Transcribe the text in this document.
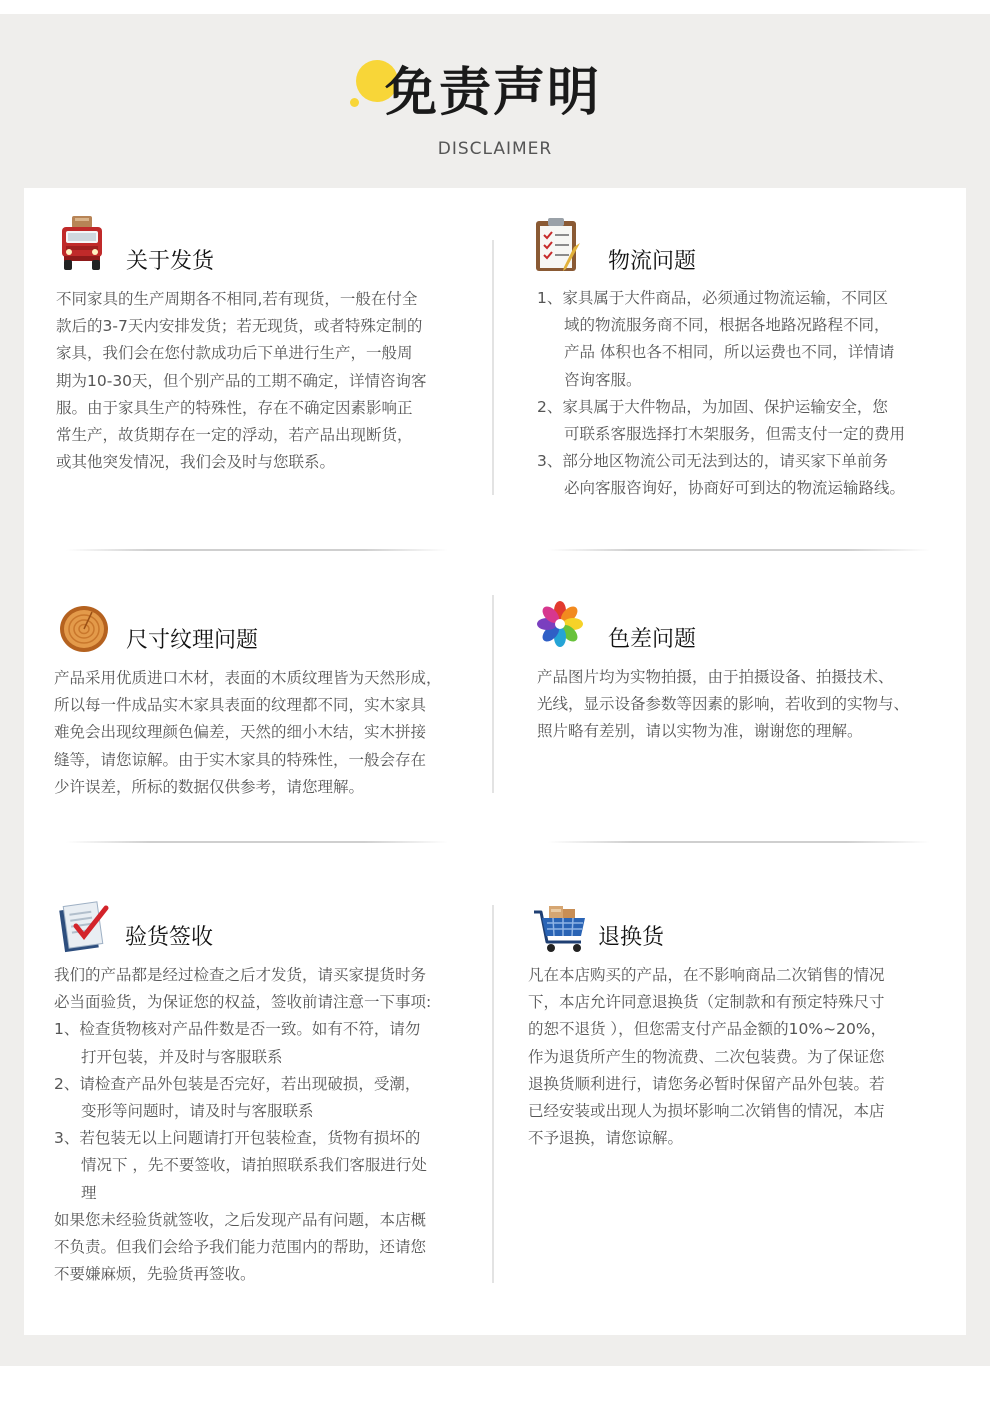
免责声明
DISCLAIMER
关于发货

不同家具的生产周期各不相同,若有现货，一般在付全

款后的3-7天内安排发货；若无现货，或者特殊定制的

家具，我们会在您付款成功后下单进行生产，一般周

期为10-30天，但个别产品的工期不确定，详情咨询客

服。由于家具生产的特殊性，存在不确定因素影响正

常生产，故货期存在一定的浮动，若产品出现断货，

或其他突发情况，我们会及时与您联系。

物流问题

1、家具属于大件商品，必须通过物流运输，不同区

域的物流服务商不同，根据各地路况路程不同，

产品 体积也各不相同，所以运费也不同，详情请

咨询客服。

2、家具属于大件物品，为加固、保护运输安全，您

可联系客服选择打木架服务，但需支付一定的费用

3、部分地区物流公司无法到达的，请买家下单前务

必向客服咨询好，协商好可到达的物流运输路线。

尺寸纹理问题

产品采用优质进口木材，表面的木质纹理皆为天然形成，

所以每一件成品实木家具表面的纹理都不同，实木家具

难免会出现纹理颜色偏差，天然的细小木结，实木拼接

缝等，请您谅解。由于实木家具的特殊性，一般会存在

少许误差，所标的数据仅供参考，请您理解。

色差问题

产品图片均为实物拍摄，由于拍摄设备、拍摄技术、

光线，显示设备参数等因素的影响，若收到的实物与、

照片略有差别，请以实物为准，谢谢您的理解。

验货签收

我们的产品都是经过检查之后才发货，请买家提货时务

必当面验货，为保证您的权益，签收前请注意一下事项:

1、检查货物核对产品件数是否一致。如有不符，请勿

打开包装，并及时与客服联系

2、请检查产品外包装是否完好，若出现破损，受潮，

变形等问题时，请及时与客服联系

3、若包装无以上问题请打开包装检查，货物有损坏的

情况下 ，先不要签收，请拍照联系我们客服进行处

理

如果您未经验货就签收，之后发现产品有问题，本店概

不负责。但我们会给予我们能力范围内的帮助，还请您

不要嫌麻烦，先验货再签收。

退换货

凡在本店购买的产品，在不影响商品二次销售的情况

下，本店允许同意退换货（定制款和有预定特殊尺寸

的恕不退货 ），但您需支付产品金额的10%~20%，

作为退货所产生的物流费、二次包装费。为了保证您

退换货顺利进行，请您务必暂时保留产品外包装。若

已经安装或出现人为损坏影响二次销售的情况，本店

不予退换，请您谅解。
